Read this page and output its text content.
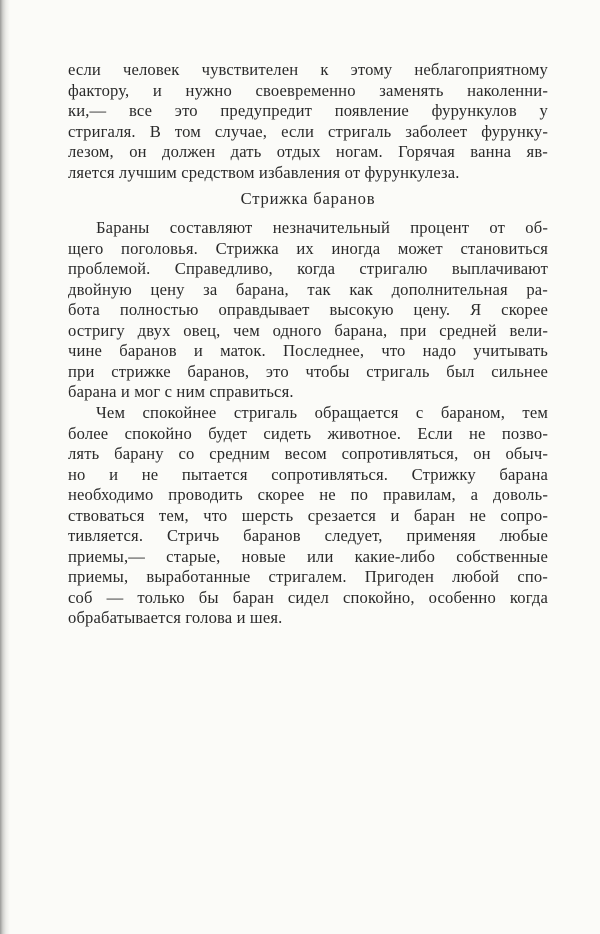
если человек чувствителен к этому неблагоприятному
фактору, и нужно своевременно заменять наколенни-
ки,— все это предупредит появление фурункулов у
стригаля. В том случае, если стригаль заболеет фурунку-
лезом, он должен дать отдых ногам. Горячая ванна яв-
ляется лучшим средством избавления от фурункулеза.
Стрижка баранов
Бараны составляют незначительный процент от об-
щего поголовья. Стрижка их иногда может становиться
проблемой. Справедливо, когда стригалю выплачивают
двойную цену за барана, так как дополнительная ра-
бота полностью оправдывает высокую цену. Я скорее
остригу двух овец, чем одного барана, при средней вели-
чине баранов и маток. Последнее, что надо учитывать
при стрижке баранов, это чтобы стригаль был сильнее
барана и мог с ним справиться.
Чем спокойнее стригаль обращается с бараном, тем
более спокойно будет сидеть животное. Если не позво-
лять барану со средним весом сопротивляться, он обыч-
но и не пытается сопротивляться. Стрижку барана
необходимо проводить скорее не по правилам, а доволь-
ствоваться тем, что шерсть срезается и баран не сопро-
тивляется. Стричь баранов следует, применяя любые
приемы,— старые, новые или какие-либо собственные
приемы, выработанные стригалем. Пригоден любой спо-
соб — только бы баран сидел спокойно, особенно когда
обрабатывается голова и шея.
